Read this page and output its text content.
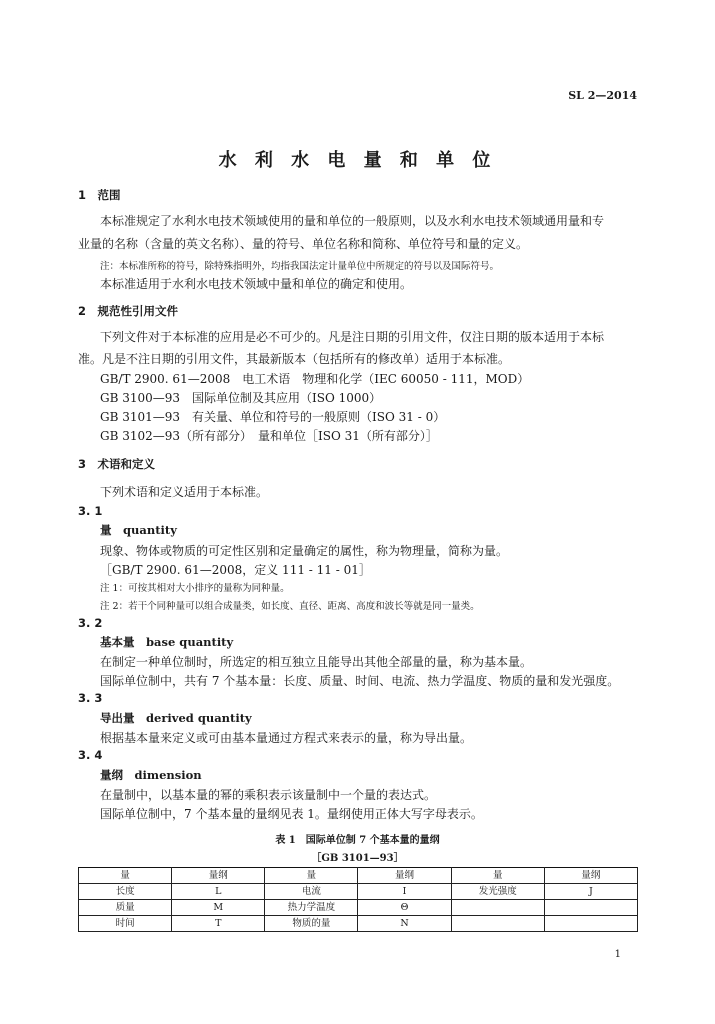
SL 2—2014
水 利 水 电 量 和 单 位
1　范围
本标准规定了水利水电技术领域使用的量和单位的一般原则，以及水利水电技术领域通用量和专
业量的名称（含量的英文名称）、量的符号、单位名称和简称、单位符号和量的定义。
注：本标准所称的符号，除特殊指明外，均指我国法定计量单位中所规定的符号以及国际符号。
本标准适用于水利水电技术领域中量和单位的确定和使用。
2　规范性引用文件
下列文件对于本标准的应用是必不可少的。凡是注日期的引用文件，仅注日期的版本适用于本标
准。凡是不注日期的引用文件，其最新版本（包括所有的修改单）适用于本标准。
GB/T 2900. 61—2008　电工术语　物理和化学（IEC 60050 - 111，MOD）
GB 3100—93　国际单位制及其应用（ISO 1000）
GB 3101—93　有关量、单位和符号的一般原则（ISO 31 - 0）
GB 3102—93（所有部分）　量和单位［ISO 31（所有部分）］
3　术语和定义
下列术语和定义适用于本标准。
3. 1
量　quantity
现象、物体或物质的可定性区别和定量确定的属性，称为物理量，简称为量。
［GB/T 2900. 61—2008，定义 111 - 11 - 01］
注 1：可按其相对大小排序的量称为同种量。
注 2：若干个同种量可以组合成量类，如长度、直径、距离、高度和波长等就是同一量类。
3. 2
基本量　base quantity
在制定一种单位制时，所选定的相互独立且能导出其他全部量的量，称为基本量。
国际单位制中，共有 7 个基本量：长度、质量、时间、电流、热力学温度、物质的量和发光强度。
3. 3
导出量　derived quantity
根据基本量来定义或可由基本量通过方程式来表示的量，称为导出量。
3. 4
量纲　dimension
在量制中，以基本量的幂的乘积表示该量制中一个量的表达式。
国际单位制中，7 个基本量的量纲见表 1。量纲使用正体大写字母表示。
表 1　国际单位制 7 个基本量的量纲
［GB 3101—93］
量	量纲	量	量纲	量	量纲
长度	L	电流	I	发光强度	J
质量	M	热力学温度	Θ		
时间	T	物质的量	N		
1
